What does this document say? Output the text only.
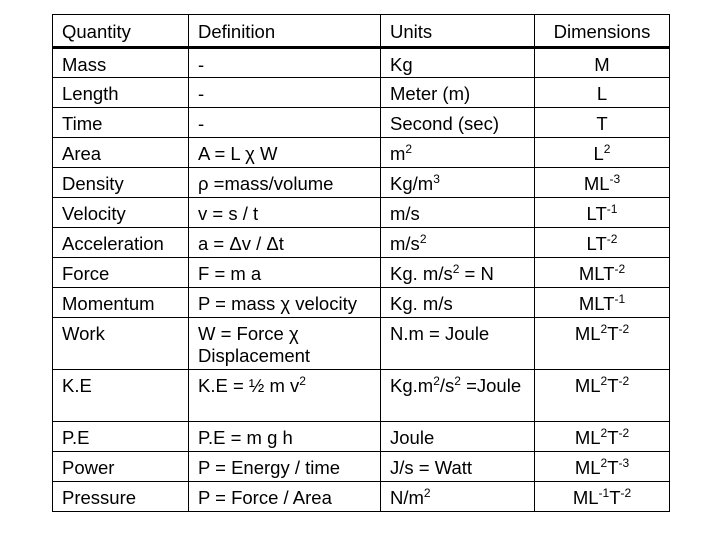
Quantity	Definition	Units	Dimensions
Mass	-	Kg	M
Length	-	Meter (m)	L
Time	-	Second (sec)	T
Area	A = L χ W	$m^2$	$L^2$
Density	ρ =mass/volume	$Kg/m^3$	$ML^{-3}$
Velocity	v = s / t	m/s	$LT^{-1}$
Acceleration	a = Δv / Δt	$m/s^2$	$LT^{-2}$
Force	F = m a	Kg. $m/s^2 = N$	$MLT^{-2}$
Momentum	P = mass χ velocity	Kg. m/s	$MLT^{-1}$
Work	W = Force χ Displacement	N.m = Joule	$ML^2T^{-2}$
K.E	K.E = ½ m $v^2$	$Kg.m^2/s^2$ =Joule	$ML^2T^{-2}$
P.E	P.E = m g h	Joule	$ML^2T^{-2}$
Power	P = Energy / time	J/s = Watt	$ML^2T^{-3}$
Pressure	P = Force / Area	$N/m^2$	$ML^{-1}T^{-2}$
